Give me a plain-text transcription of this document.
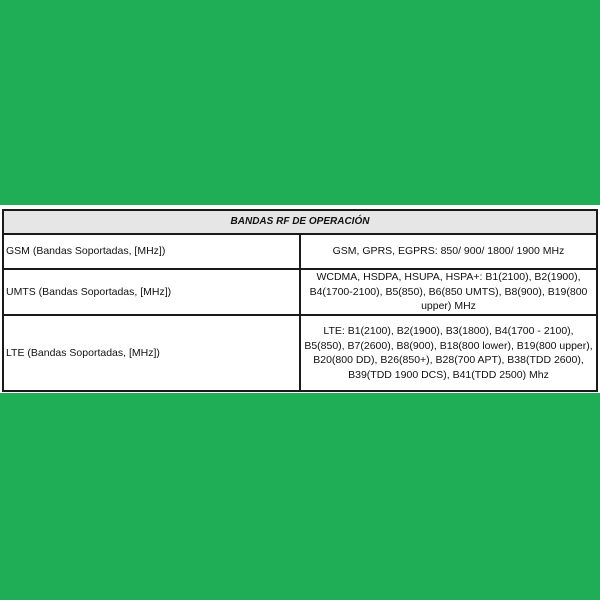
BANDAS RF DE OPERACIÓN	
GSM (Bandas Soportadas, [MHz])	GSM, GPRS, EGPRS: 850/ 900/ 1800/ 1900 MHz
UMTS (Bandas Soportadas, [MHz])	WCDMA, HSDPA, HSUPA, HSPA+: B1(2100), B2(1900), B4(1700-2100), B5(850), B6(850 UMTS), B8(900), B19(800 upper) MHz
LTE (Bandas Soportadas, [MHz])	LTE: B1(2100), B2(1900), B3(1800), B4(1700 - 2100), B5(850), B7(2600), B8(900), B18(800 lower), B19(800 upper), B20(800 DD), B26(850+), B28(700 APT), B38(TDD 2600), B39(TDD 1900 DCS), B41(TDD 2500) Mhz
